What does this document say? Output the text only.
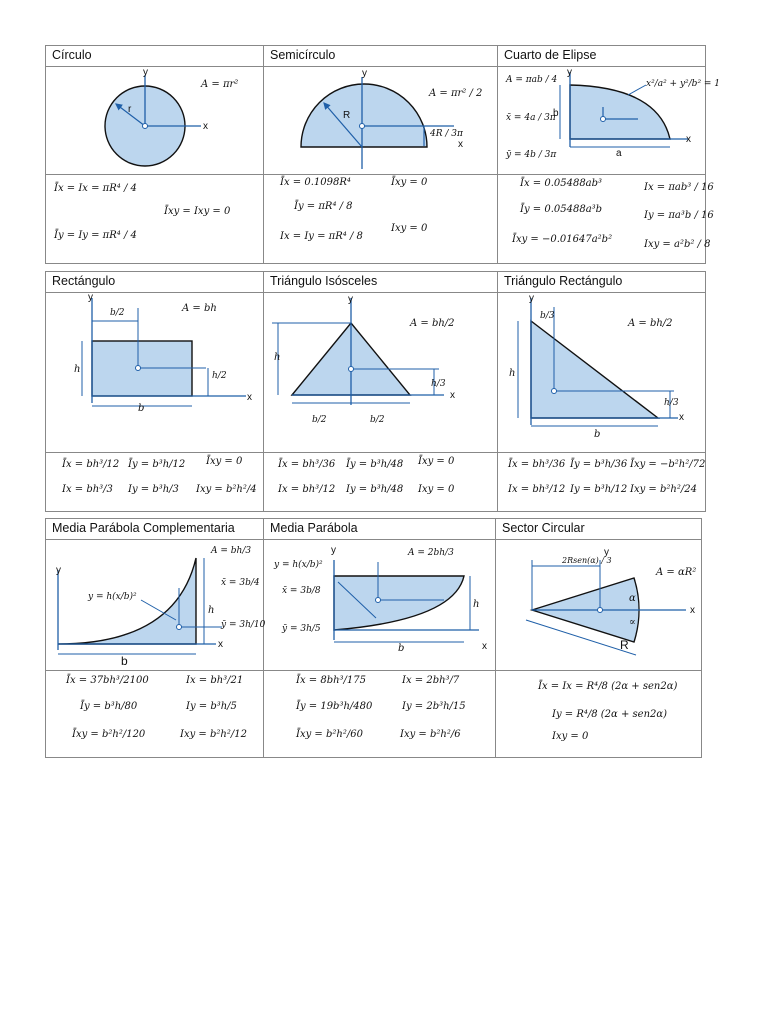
Círculo	Semicírculo	Cuarto de Elipse
y
x
r
A = πr²
Īx = Ix = πR⁴ / 4
Īxy = Ixy = 0
Īy = Iy = πR⁴ / 4
y
x
R
A = πr² / 2
4R / 3π
Īx = 0.1098R⁴	Īxy = 0
Īy = πR⁴ / 8
Ix = Iy = πR⁴ / 8
Ixy = 0
y
x
b
a
A = πab / 4	x²/a² + y²/b² = 1
x̄ = 4a / 3π
ȳ = 4b / 3π
Īx = 0.05488ab³	Ix = πab³ / 16
Īy = 0.05488a³b
Iy = πa³b / 16
Īxy = −0.01647a²b²	Ixy = a²b² / 8
Rectángulo	Triángulo Isósceles	Triángulo Rectángulo
y
x
A = bh
b/2
h/2
h
b
Īx = bh³/12 Īy = b³h/12 Īxy = 0
Ix = bh³/3 Iy = b³h/3 Ixy = b²h²/4
y
x
A = bh/2
h
h/3
b/2	b/2
Īx = bh³/36 Īy = b³h/48 Īxy = 0
Ix = bh³/12 Iy = b³h/48 Ixy = 0
y
x
A = bh/2
b/3
h/3
h
b
Īx = bh³/36 Īy = b³h/36 Īxy = −b²h²/72
Ix = bh³/12 Iy = b³h/12 Ixy = b²h²/24
Media Parábola Complementaria	Media Parábola	Sector Circular
y
x
y = h(x/b)²
A = bh/3
x̄ = 3b/4
ȳ = 3h/10
h
b
Īx = 37bh³/2100	Ix = bh³/21
Īy = b³h/80	Iy = b³h/5
Īxy = b²h²/120	Ixy = b²h²/12
y
x
y = h(x/b)²
A = 2bh/3
x̄ = 3b/8
ȳ = 3h/5
h
b
Īx = 8bh³/175	Ix = 2bh³/7
Īy = 19b³h/480	Iy = 2b³h/15
Īxy = b²h²/60	Ixy = b²h²/6
y
x
2Rsen(α) / 3
A = αR²
α
∝
R
Īx = Ix = R⁴/8 (2α + sen2α)
Iy = R⁴/8 (2α + sen2α)
Ixy = 0
